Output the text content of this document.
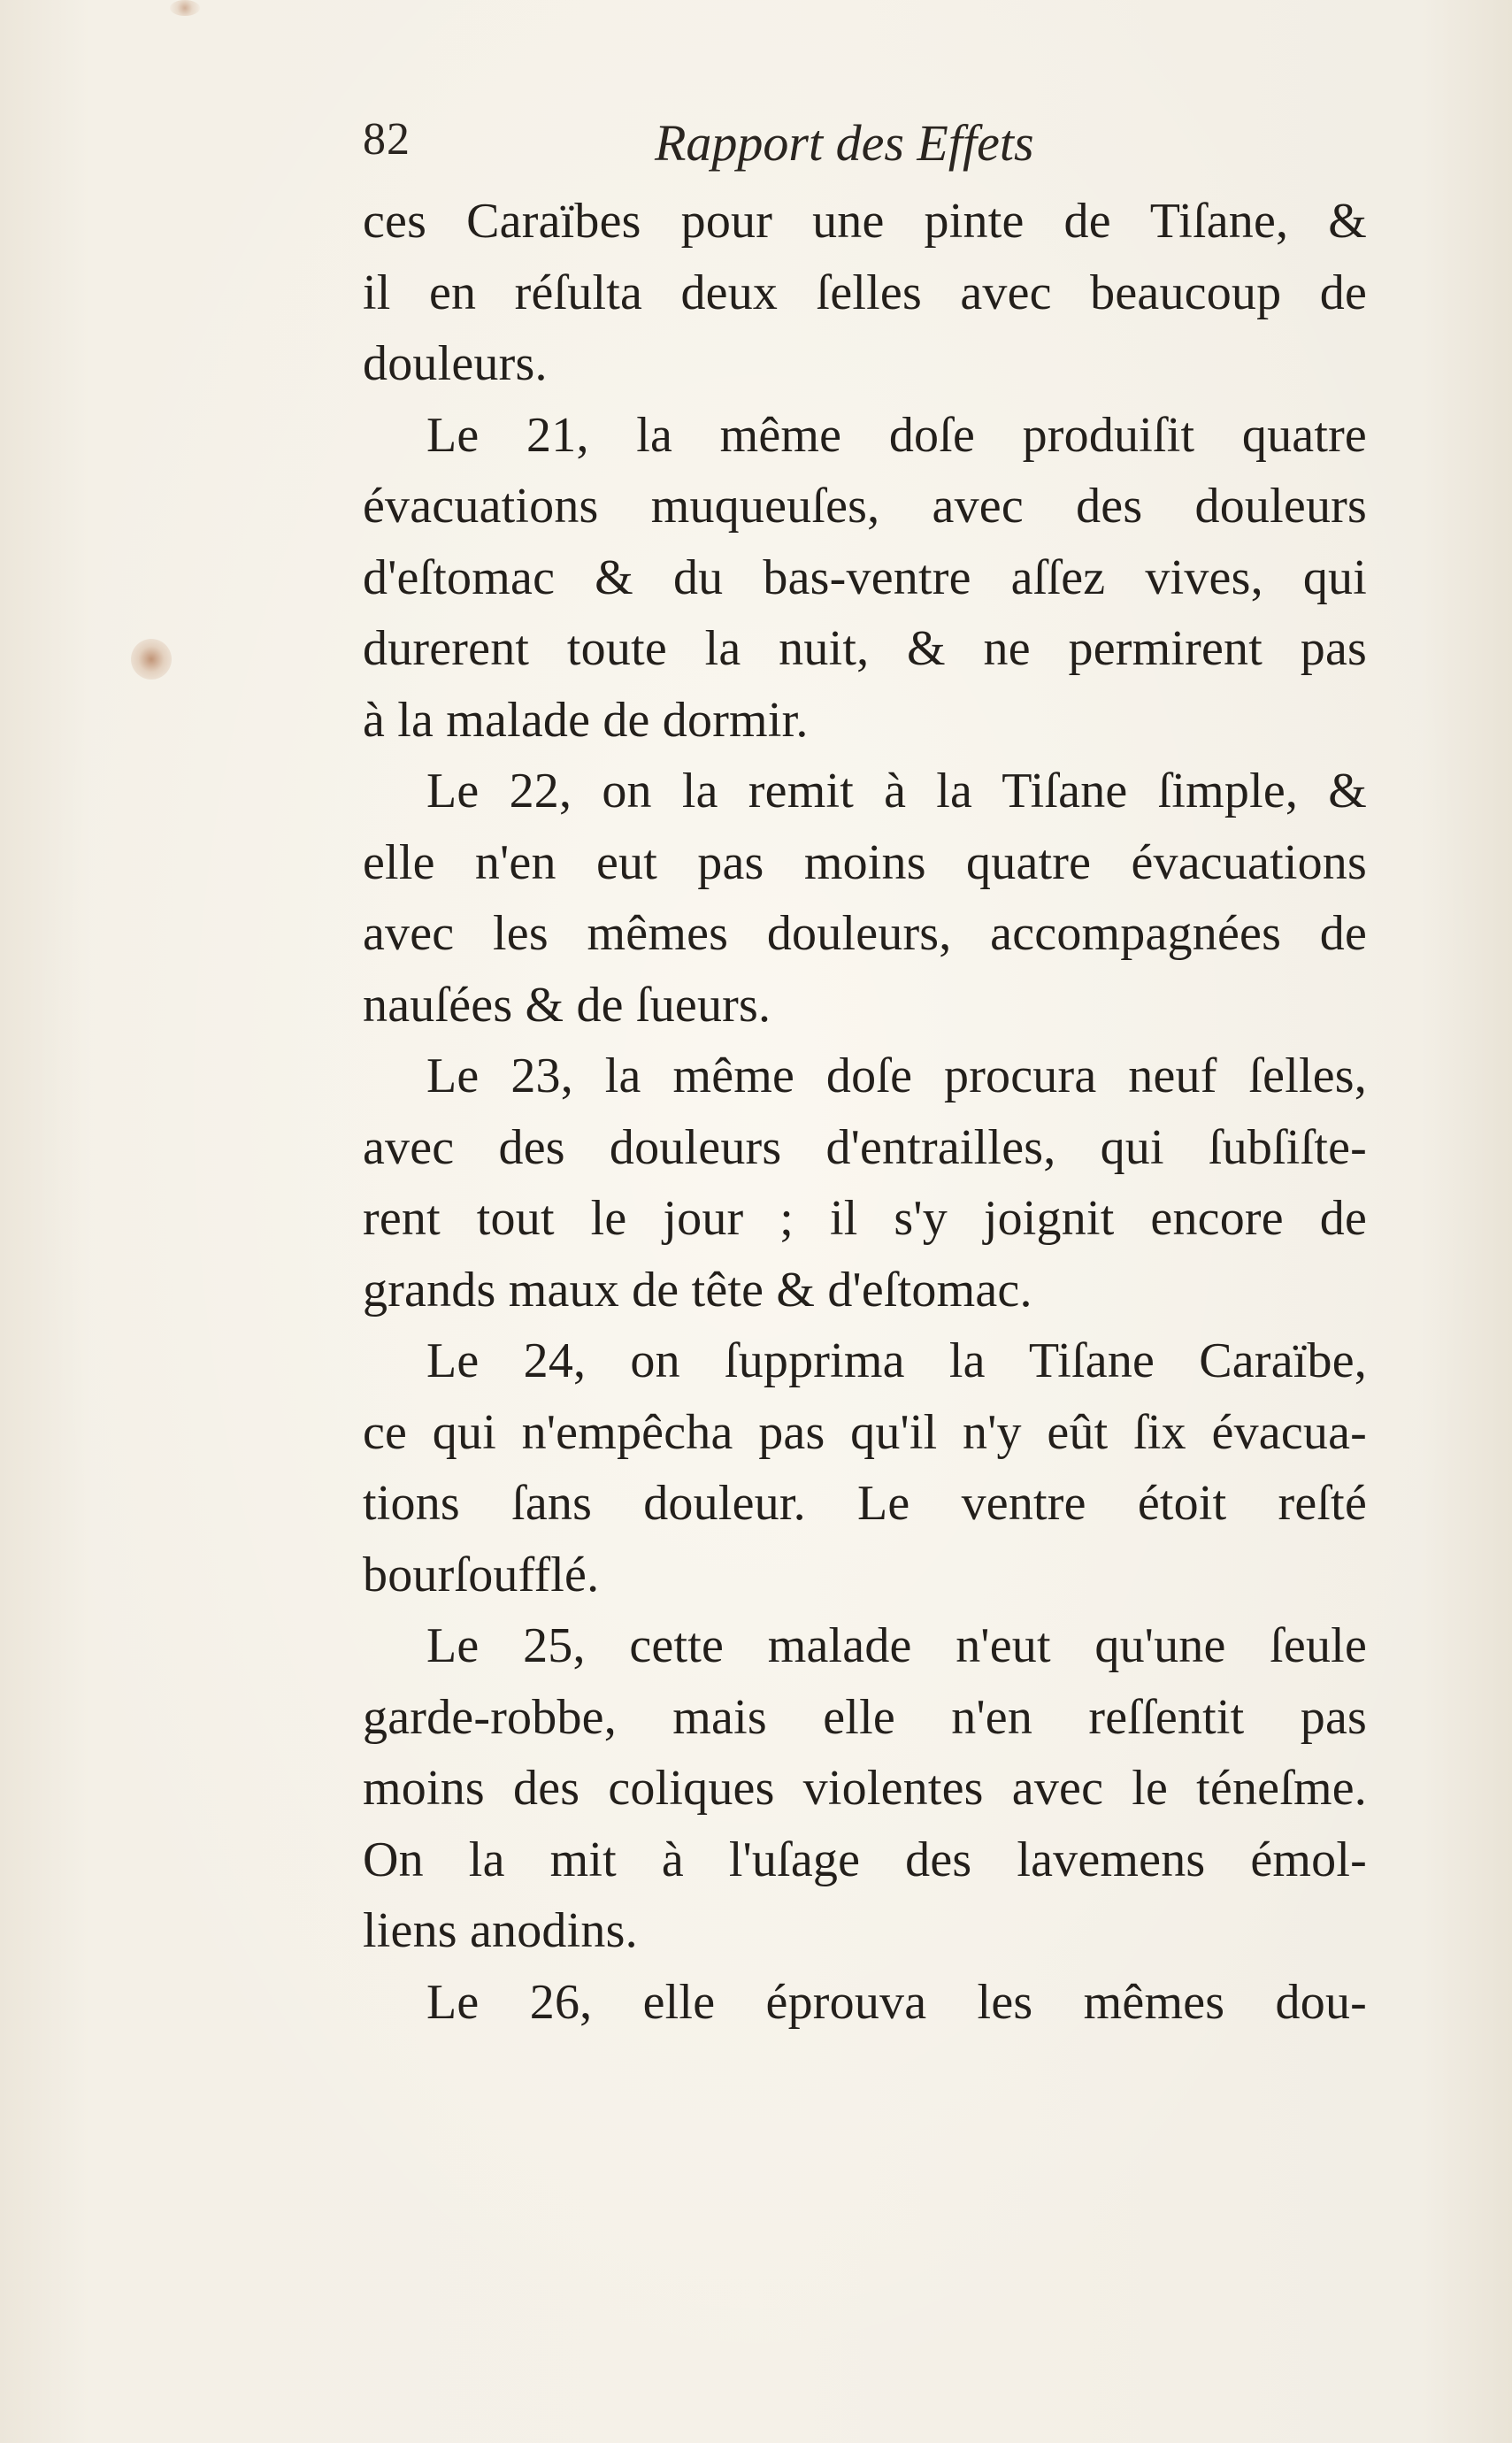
82	Rapport des Effets
ces Caraïbes pour une pinte de Tiſane, &
il en réſulta deux ſelles avec beaucoup de
douleurs.
Le 21, la même doſe produiſit quatre
évacuations muqueuſes, avec des douleurs
d'eſtomac & du bas-ventre aſſez vives, qui
durerent toute la nuit, & ne permirent pas
à la malade de dormir.
Le 22, on la remit à la Tiſane ſimple, &
elle n'en eut pas moins quatre évacuations
avec les mêmes douleurs, accompagnées de
nauſées & de ſueurs.
Le 23, la même doſe procura neuf ſelles,
avec des douleurs d'entrailles, qui ſubſiſte-
rent tout le jour ; il s'y joignit encore de
grands maux de tête & d'eſtomac.
Le 24, on ſupprima la Tiſane Caraïbe,
ce qui n'empêcha pas qu'il n'y eût ſix évacua-
tions ſans douleur. Le ventre étoit reſté
bourſoufflé.
Le 25, cette malade n'eut qu'une ſeule
garde-robbe, mais elle n'en reſſentit pas
moins des coliques violentes avec le téneſme.
On la mit à l'uſage des lavemens émol-
liens anodins.
Le 26, elle éprouva les mêmes dou-
